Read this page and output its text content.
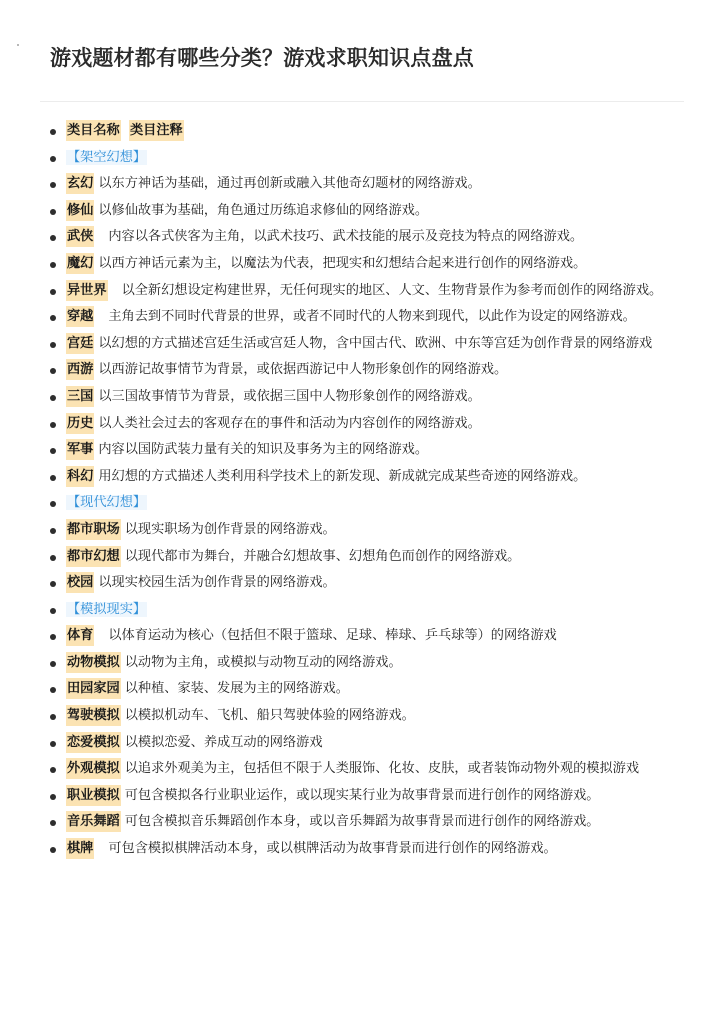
游戏题材都有哪些分类？游戏求职知识点盘点
类目名称 类目注释
【架空幻想】
玄幻 以东方神话为基础，通过再创新或融入其他奇幻题材的网络游戏。
修仙 以修仙故事为基础，角色通过历练追求修仙的网络游戏。
武侠 内容以各式侠客为主角，以武术技巧、武术技能的展示及竞技为特点的网络游戏。
魔幻 以西方神话元素为主，以魔法为代表，把现实和幻想结合起来进行创作的网络游戏。
异世界 以全新幻想设定构建世界，无任何现实的地区、人文、生物背景作为参考而创作的网络游戏。
穿越 主角去到不同时代背景的世界，或者不同时代的人物来到现代，以此作为设定的网络游戏。
宫廷 以幻想的方式描述宫廷生活或宫廷人物，含中国古代、欧洲、中东等宫廷为创作背景的网络游戏
西游 以西游记故事情节为背景，或依据西游记中人物形象创作的网络游戏。
三国 以三国故事情节为背景，或依据三国中人物形象创作的网络游戏。
历史 以人类社会过去的客观存在的事件和活动为内容创作的网络游戏。
军事 内容以国防武装力量有关的知识及事务为主的网络游戏。
科幻 用幻想的方式描述人类利用科学技术上的新发现、新成就完成某些奇迹的网络游戏。
【现代幻想】
都市职场 以现实职场为创作背景的网络游戏。
都市幻想 以现代都市为舞台，并融合幻想故事、幻想角色而创作的网络游戏。
校园 以现实校园生活为创作背景的网络游戏。
【模拟现实】
体育 以体育运动为核心（包括但不限于篮球、足球、棒球、乒乓球等）的网络游戏
动物模拟 以动物为主角，或模拟与动物互动的网络游戏。
田园家园 以种植、家装、发展为主的网络游戏。
驾驶模拟 以模拟机动车、飞机、船只驾驶体验的网络游戏。
恋爱模拟 以模拟恋爱、养成互动的网络游戏
外观模拟 以追求外观美为主，包括但不限于人类服饰、化妆、皮肤，或者装饰动物外观的模拟游戏
职业模拟 可包含模拟各行业职业运作，或以现实某行业为故事背景而进行创作的网络游戏。
音乐舞蹈 可包含模拟音乐舞蹈创作本身，或以音乐舞蹈为故事背景而进行创作的网络游戏。
棋牌 可包含模拟棋牌活动本身，或以棋牌活动为故事背景而进行创作的网络游戏。
